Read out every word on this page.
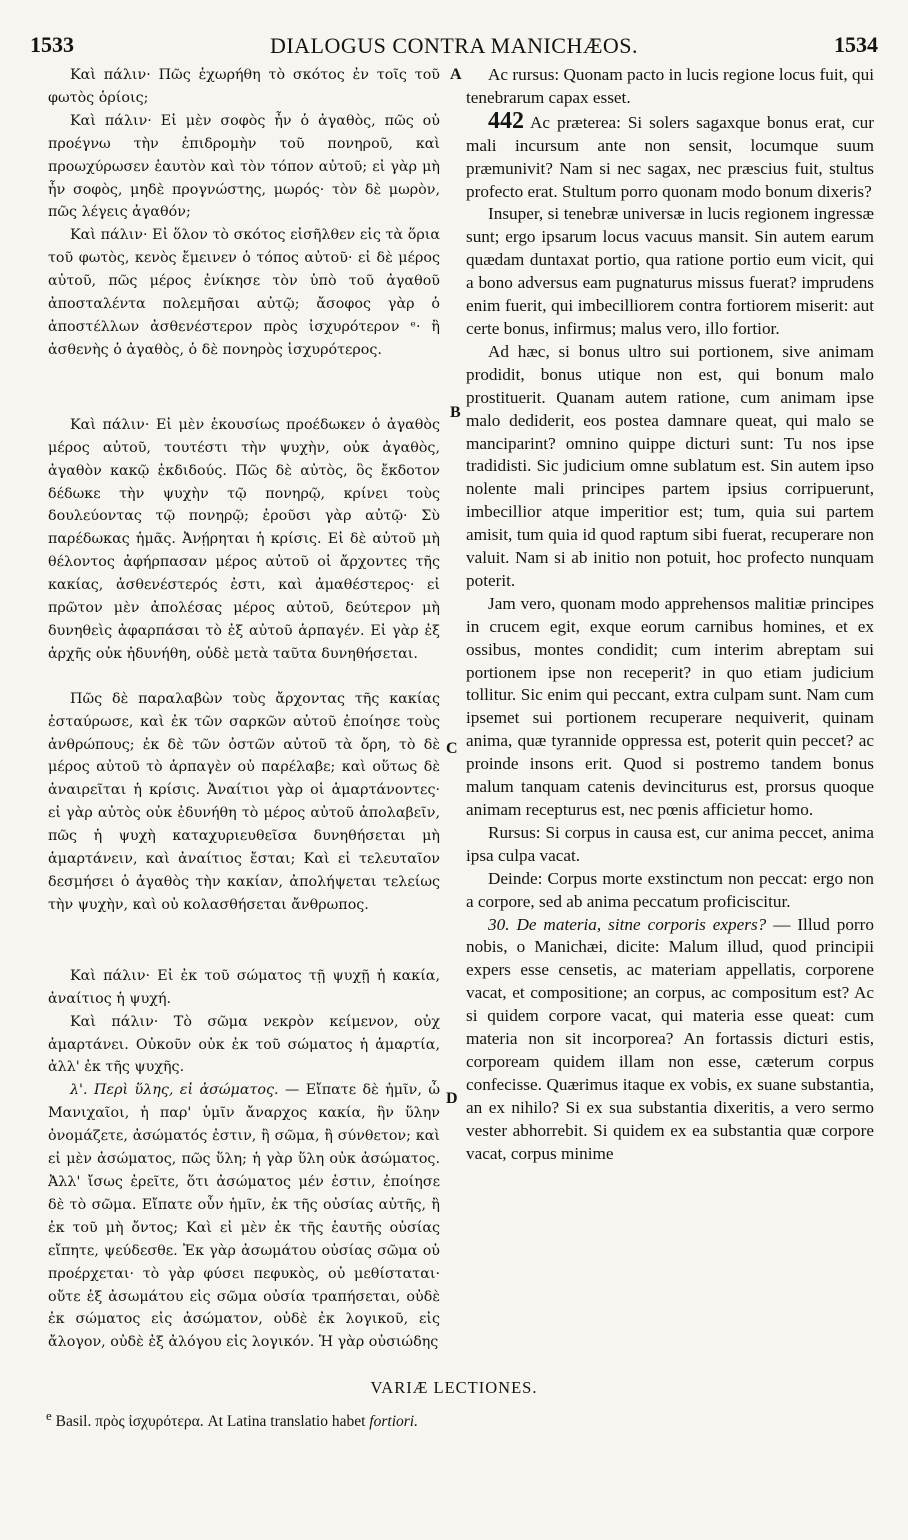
1533	DIALOGUS CONTRA MANICHÆOS.	1534
A
B
C
D

Καὶ πάλιν· Πῶς ἐχωρήθη τὸ σκότος ἐν τοῖς τοῦ φωτὸς ὁρίοις;

Καὶ πάλιν· Εἰ μὲν σοφὸς ἦν ὁ ἀγαθὸς, πῶς οὐ προέγνω τὴν ἐπιδρομὴν τοῦ πονηροῦ, καὶ προωχύρωσεν ἑαυτὸν καὶ τὸν τόπον αὐτοῦ; εἰ γὰρ μὴ ἦν σοφὸς, μηδὲ προγνώστης, μωρός· τὸν δὲ μωρὸν, πῶς λέγεις ἀγαθόν;

Καὶ πάλιν· Εἰ ὅλον τὸ σκότος εἰσῆλθεν εἰς τὰ ὅρια τοῦ φωτὸς, κενὸς ἔμεινεν ὁ τόπος αὐτοῦ· εἰ δὲ μέρος αὐτοῦ, πῶς μέρος ἐνίκησε τὸν ὑπὸ τοῦ ἀγαθοῦ ἀποσταλέντα πολεμῆσαι αὐτῷ; ἄσοφος γὰρ ὁ ἀποστέλλων ἀσθενέστερον πρὸς ἰσχυρότερον ᵉ· ἢ ἀσθενὴς ὁ ἀγαθὸς, ὁ δὲ πονηρὸς ἰσχυρότερος.

Καὶ πάλιν· Εἰ μὲν ἑκουσίως προέδωκεν ὁ ἀγαθὸς μέρος αὐτοῦ, τουτέστι τὴν ψυχὴν, οὐκ ἀγαθὸς, ἀγαθὸν κακῷ ἐκδιδούς. Πῶς δὲ αὐτὸς, ὃς ἔκδοτον δέδωκε τὴν ψυχὴν τῷ πονηρῷ, κρίνει τοὺς δουλεύοντας τῷ πονηρῷ; ἐροῦσι γὰρ αὐτῷ· Σὺ παρέδωκας ἡμᾶς. Ἀνῄρηται ἡ κρίσις. Εἰ δὲ αὐτοῦ μὴ θέλοντος ἀφήρπασαν μέρος αὐτοῦ οἱ ἄρχοντες τῆς κακίας, ἀσθενέστερός ἐστι, καὶ ἀμαθέστερος· εἰ πρῶτον μὲν ἀπολέσας μέρος αὐτοῦ, δεύτερον μὴ δυνηθεὶς ἀφαρπάσαι τὸ ἐξ αὐτοῦ ἁρπαγέν. Εἰ γὰρ ἐξ ἀρχῆς οὐκ ἠδυνήθη, οὐδὲ μετὰ ταῦτα δυνηθήσεται.

Πῶς δὲ παραλαβὼν τοὺς ἄρχοντας τῆς κακίας ἐσταύρωσε, καὶ ἐκ τῶν σαρκῶν αὐτοῦ ἐποίησε τοὺς ἀνθρώπους; ἐκ δὲ τῶν ὀστῶν αὐτοῦ τὰ ὄρη, τὸ δὲ μέρος αὐτοῦ τὸ ἁρπαγὲν οὐ παρέλαβε; καὶ οὕτως δὲ ἀναιρεῖται ἡ κρίσις. Ἀναίτιοι γὰρ οἱ ἁμαρτάνοντες· εἰ γὰρ αὐτὸς οὐκ ἐδυνήθη τὸ μέρος αὐτοῦ ἀπολαβεῖν, πῶς ἡ ψυχὴ καταχυριευθεῖσα δυνηθήσεται μὴ ἁμαρτάνειν, καὶ ἀναίτιος ἔσται; Καὶ εἰ τελευταῖον δεσμήσει ὁ ἀγαθὸς τὴν κακίαν, ἀπολήψεται τελείως τὴν ψυχὴν, καὶ οὐ κολασθήσεται ἄνθρωπος.

Καὶ πάλιν· Εἰ ἐκ τοῦ σώματος τῇ ψυχῇ ἡ κακία, ἀναίτιος ἡ ψυχή.

Καὶ πάλιν· Τὸ σῶμα νεκρὸν κείμενον, οὐχ ἁμαρτάνει. Οὐκοῦν οὐκ ἐκ τοῦ σώματος ἡ ἁμαρτία, ἀλλ' ἐκ τῆς ψυχῆς.

λ'. Περὶ ὕλης, εἰ ἀσώματος. — Εἴπατε δὲ ἡμῖν, ὦ Μανιχαῖοι, ἡ παρ' ὑμῖν ἄναρχος κακία, ἣν ὕλην ὀνομάζετε, ἀσώματός ἐστιν, ἢ σῶμα, ἢ σύνθετον; καὶ εἰ μὲν ἀσώματος, πῶς ὕλη; ἡ γὰρ ὕλη οὐκ ἀσώματος. Ἀλλ' ἴσως ἐρεῖτε, ὅτι ἀσώματος μέν ἐστιν, ἐποίησε δὲ τὸ σῶμα. Εἴπατε οὖν ἡμῖν, ἐκ τῆς οὐσίας αὐτῆς, ἢ ἐκ τοῦ μὴ ὄντος; Καὶ εἰ μὲν ἐκ τῆς ἑαυτῆς οὐσίας εἴπητε, ψεύδεσθε. Ἐκ γὰρ ἀσωμάτου οὐσίας σῶμα οὐ προέρχεται· τὸ γὰρ φύσει πεφυκὸς, οὐ μεθίσταται· οὔτε ἐξ ἀσωμάτου εἰς σῶμα οὐσία τραπήσεται, οὐδὲ ἐκ σώματος εἰς ἀσώματον, οὐδὲ ἐκ λογικοῦ, εἰς ἄλογον, οὐδὲ ἐξ ἀλόγου εἰς λογικόν. Ἡ γὰρ οὐσιώδης

Ac rursus: Quonam pacto in lucis regione locus fuit, qui tenebrarum capax esset.

442 Ac præterea: Si solers sagaxque bonus erat, cur mali incursum ante non sensit, locumque suum præmunivit? Nam si nec sagax, nec præscius fuit, stultus profecto erat. Stultum porro quonam modo bonum dixeris?

Insuper, si tenebræ universæ in lucis regionem ingressæ sunt; ergo ipsarum locus vacuus mansit. Sin autem earum quædam duntaxat portio, qua ratione portio eum vicit, qui a bono adversus eam pugnaturus missus fuerat? imprudens enim fuerit, qui imbecilliorem contra fortiorem miserit: aut certe bonus, infirmus; malus vero, illo fortior.

Ad hæc, si bonus ultro sui portionem, sive animam prodidit, bonus utique non est, qui bonum malo prostituerit. Quanam autem ratione, cum animam ipse malo dediderit, eos postea damnare queat, qui malo se manciparint? omnino quippe dicturi sunt: Tu nos ipse tradidisti. Sic judicium omne sublatum est. Sin autem ipso nolente mali principes partem ipsius corripuerunt, imbecillior atque imperitior est; tum, quia sui partem amisit, tum quia id quod raptum sibi fuerat, recuperare non valuit. Nam si ab initio non potuit, hoc profecto nunquam poterit.

Jam vero, quonam modo apprehensos malitiæ principes in crucem egit, exque eorum carnibus homines, et ex ossibus, montes condidit; cum interim abreptam sui portionem ipse non receperit? in quo etiam judicium tollitur. Sic enim qui peccant, extra culpam sunt. Nam cum ipsemet sui portionem recuperare nequiverit, quinam anima, quæ tyrannide oppressa est, poterit quin peccet? ac proinde insons erit. Quod si postremo tandem bonus malum tanquam catenis devinciturus est, prorsus quoque animam recepturus est, nec pœnis afficietur homo.

Rursus: Si corpus in causa est, cur anima peccet, anima ipsa culpa vacat.

Deinde: Corpus morte exstinctum non peccat: ergo non a corpore, sed ab anima peccatum proficiscitur.

30. De materia, sitne corporis expers? — Illud porro nobis, o Manichæi, dicite: Malum illud, quod principii expers esse censetis, ac materiam appellatis, corporene vacat, et compositione; an corpus, ac compositum est? Ac si quidem corpore vacat, qui materia esse queat: cum materia non sit incorporea? An fortassis dicturi estis, corpoream quidem illam non esse, cæterum corpus confecisse. Quærimus itaque ex vobis, ex suane substantia, an ex nihilo? Si ex sua substantia dixeritis, a vero sermo vester abhorrebit. Si quidem ex ea substantia quæ corpore vacat, corpus minime

VARIÆ LECTIONES.
$^e$ Basil. πρὸς ἰσχυρότερα. At Latina translatio habet fortiori.
